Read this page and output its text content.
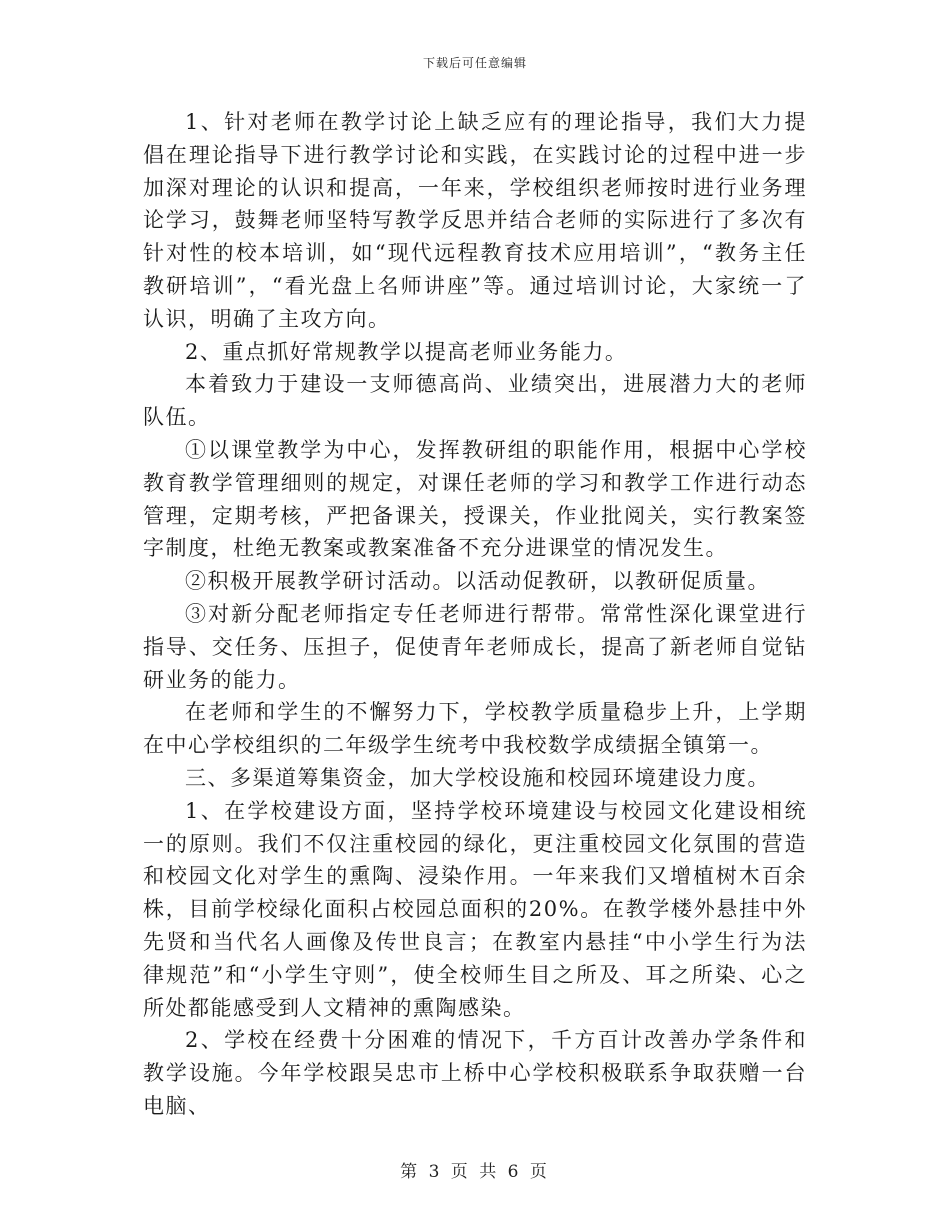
下载后可任意编辑

1、针对老师在教学讨论上缺乏应有的理论指导，我们大力提倡在理论指导下进行教学讨论和实践，在实践讨论的过程中进一步加深对理论的认识和提高，一年来，学校组织老师按时进行业务理论学习，鼓舞老师坚特写教学反思并结合老师的实际进行了多次有针对性的校本培训，如“现代远程教育技术应用培训”，“教务主任教研培训”，“看光盘上名师讲座”等。通过培训讨论，大家统一了认识，明确了主攻方向。

2、重点抓好常规教学以提高老师业务能力。

本着致力于建设一支师德高尚、业绩突出，进展潜力大的老师队伍。

①以课堂教学为中心，发挥教研组的职能作用，根据中心学校教育教学管理细则的规定，对课任老师的学习和教学工作进行动态管理，定期考核，严把备课关，授课关，作业批阅关，实行教案签字制度，杜绝无教案或教案准备不充分进课堂的情况发生。

②积极开展教学研讨活动。以活动促教研，以教研促质量。

③对新分配老师指定专任老师进行帮带。常常性深化课堂进行指导、交任务、压担子，促使青年老师成长，提高了新老师自觉钻研业务的能力。

在老师和学生的不懈努力下，学校教学质量稳步上升，上学期在中心学校组织的二年级学生统考中我校数学成绩据全镇第一。

三、多渠道筹集资金，加大学校设施和校园环境建设力度。

1、在学校建设方面，坚持学校环境建设与校园文化建设相统一的原则。我们不仅注重校园的绿化，更注重校园文化氛围的营造和校园文化对学生的熏陶、浸染作用。一年来我们又增植树木百余株，目前学校绿化面积占校园总面积的20%。在教学楼外悬挂中外先贤和当代名人画像及传世良言；在教室内悬挂“中小学生行为法律规范”和“小学生守则”，使全校师生目之所及、耳之所染、心之所处都能感受到人文精神的熏陶感染。

2、学校在经费十分困难的情况下，千方百计改善办学条件和教学设施。今年学校跟吴忠市上桥中心学校积极联系争取获赠一台电脑、

第 3 页 共 6 页
